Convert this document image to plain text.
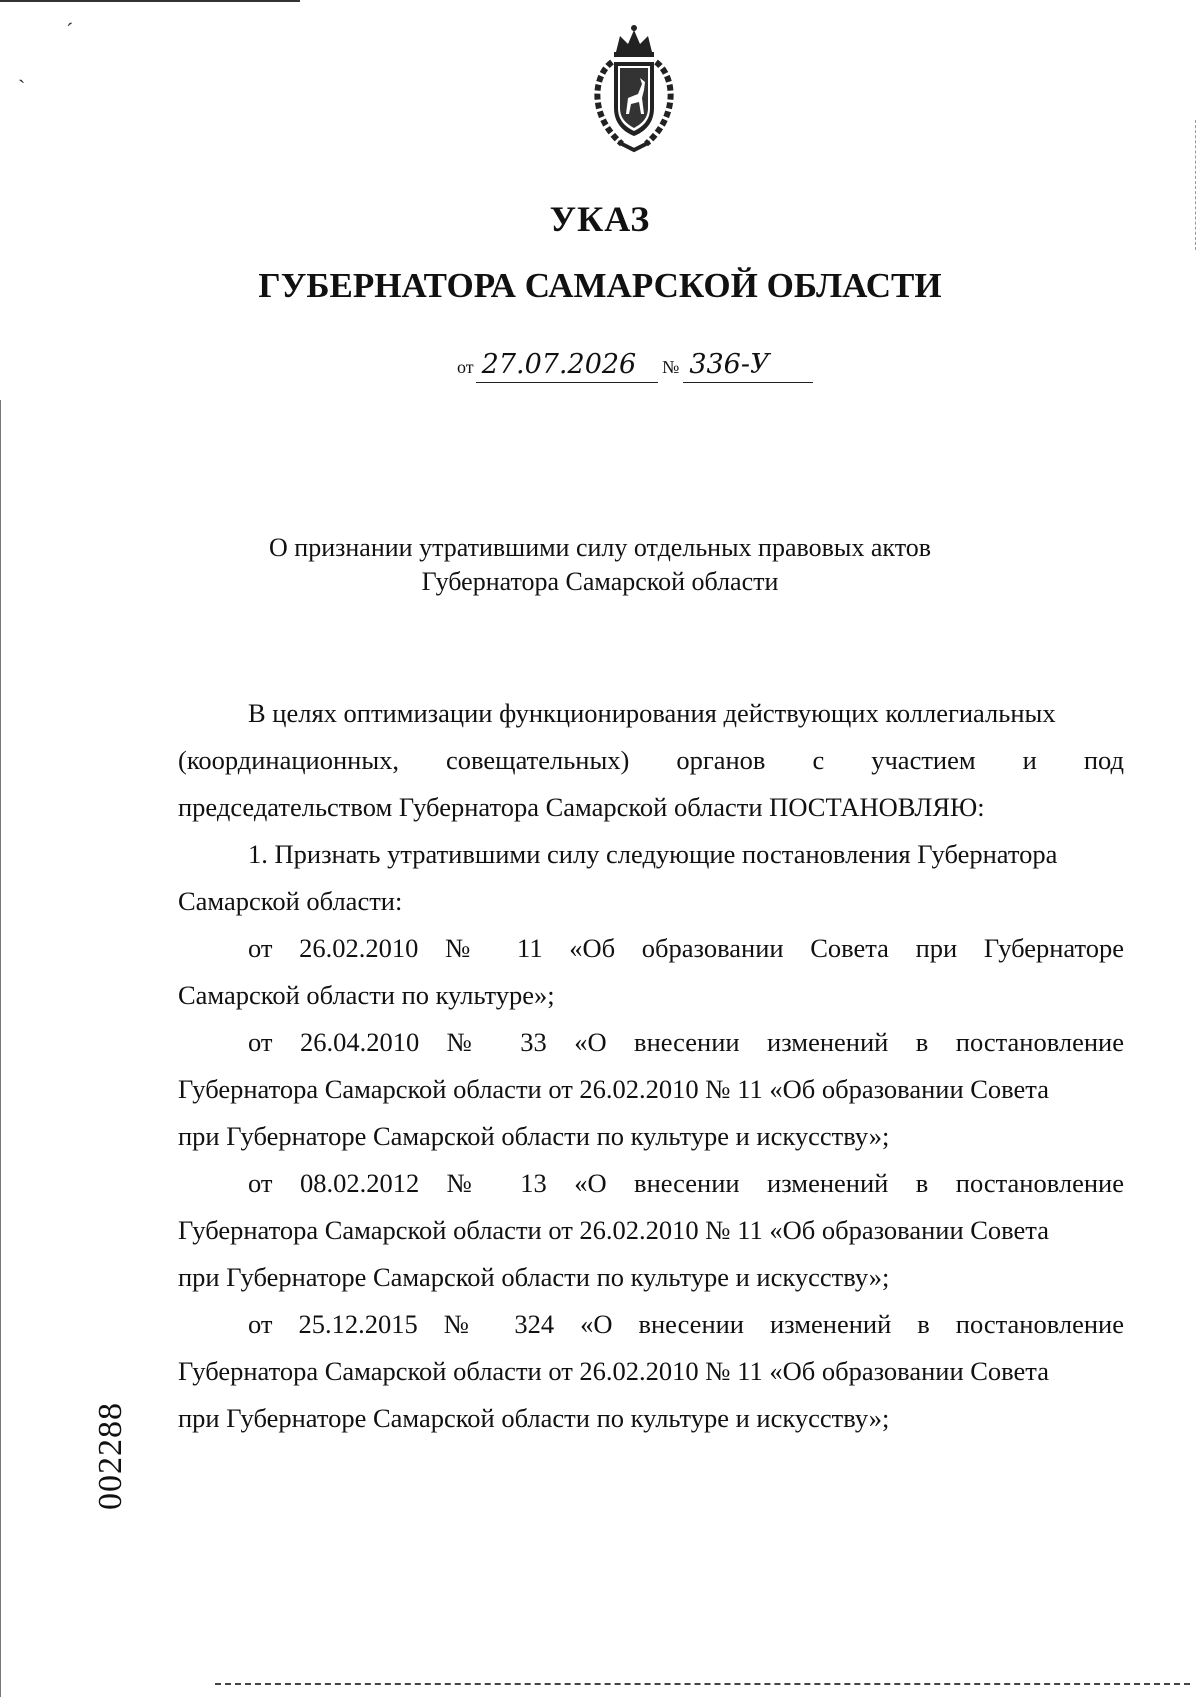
ˊ
ˏ
УКАЗ
ГУБЕРНАТОРА САМАРСКОЙ ОБЛАСТИ
от 27.07.2026 № 336-У
О признании утратившими силу отдельных правовых актов
Губернатора Самарской области

В целях оптимизации функционирования действующих коллегиальных

(координационных, совещательных) органов с участием и под

председательством Губернатора Самарской области ПОСТАНОВЛЯЮ:

1. Признать утратившими силу следующие постановления Губернатора

Самарской области:

от 26.02.2010 № 11 «Об образовании Совета при Губернаторе

Самарской области по культуре»;

от 26.04.2010 № 33 «О внесении изменений в постановление

Губернатора Самарской области от 26.02.2010 № 11 «Об образовании Совета

при Губернаторе Самарской области по культуре и искусству»;

от 08.02.2012 № 13 «О внесении изменений в постановление

Губернатора Самарской области от 26.02.2010 № 11 «Об образовании Совета

при Губернаторе Самарской области по культуре и искусству»;

от 25.12.2015 № 324 «О внесении изменений в постановление

Губернатора Самарской области от 26.02.2010 № 11 «Об образовании Совета

при Губернаторе Самарской области по культуре и искусству»;

002288
